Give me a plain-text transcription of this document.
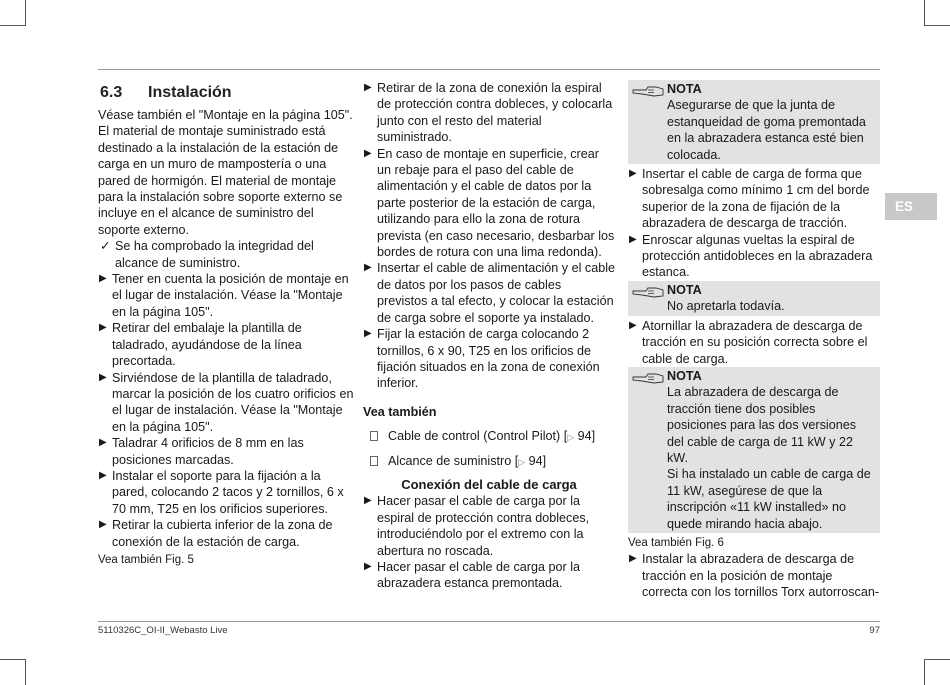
6.3 Instalación

Véase también el "Montaje en la página 105". El material de montaje suministrado está destinado a la instalación de la estación de carga en un muro de mampostería o una pared de hormigón. El material de montaje para la instalación sobre soporte externo se incluye en el alcance de suministro del soporte externo.

✓ Se ha comprobado la integridad del alcance de suministro.
▶ Tener en cuenta la posición de montaje en el lugar de instalación. Véase la "Montaje en la página 105".
▶ Retirar del embalaje la plantilla de taladrado, ayudándose de la línea precortada.
▶ Sirviéndose de la plantilla de taladrado, marcar la posición de los cuatro orificios en el lugar de instalación. Véase la "Montaje en la página 105".
▶ Taladrar 4 orificios de 8 mm en las posiciones marcadas.
▶ Instalar el soporte para la fijación a la pared, colocando 2 tacos y 2 tornillos, 6 x 70 mm, T25 en los orificios superiores.
▶ Retirar la cubierta inferior de la zona de conexión de la estación de carga.

Vea también Fig. 5

▶ Retirar de la zona de conexión la espiral de protección contra dobleces, y colocarla junto con el resto del material suministrado.
▶ En caso de montaje en superficie, crear un rebaje para el paso del cable de alimentación y el cable de datos por la parte posterior de la estación de carga, utilizando para ello la zona de rotura prevista (en caso necesario, desbarbar los bordes de rotura con una lima redonda).
▶ Insertar el cable de alimentación y el cable de datos por los pasos de cables previstos a tal efecto, y colocar la estación de carga sobre el soporte ya instalado.
▶ Fijar la estación de carga colocando 2 tornillos, 6 x 90, T25 en los orificios de fijación situados en la zona de conexión inferior.
Vea también
Cable de control (Control Pilot) [▷ 94]
Alcance de suministro [▷ 94]
Conexión del cable de carga
▶ Hacer pasar el cable de carga por la espiral de protección contra dobleces, introduciéndolo por el extremo con la abertura no roscada.
▶ Hacer pasar el cable de carga por la abrazadera estanca premontada.
NOTA
Asegurarse de que la junta de estanqueidad de goma premontada en la abrazadera estanca esté bien colocada.
▶ Insertar el cable de carga de forma que sobresalga como mínimo 1 cm del borde superior de la zona de fijación de la abrazadera de descarga de tracción.
▶ Enroscar algunas vueltas la espiral de protección antidobleces en la abrazadera estanca.
NOTA
No apretarla todavía.
▶ Atornillar la abrazadera de descarga de tracción en su posición correcta sobre el cable de carga.
NOTA
La abrazadera de descarga de tracción tiene dos posibles posiciones para las dos versiones del cable de carga de 11 kW y 22 kW.
Si ha instalado un cable de carga de 11 kW, asegúrese de que la inscripción «11 kW installed» no quede mirando hacia abajo.

Vea también Fig. 6

▶ Instalar la abrazadera de descarga de tracción en la posición de montaje correcta con los tornillos Torx autorroscan-
ES
5110326C_OI-II_Webasto Live	97
